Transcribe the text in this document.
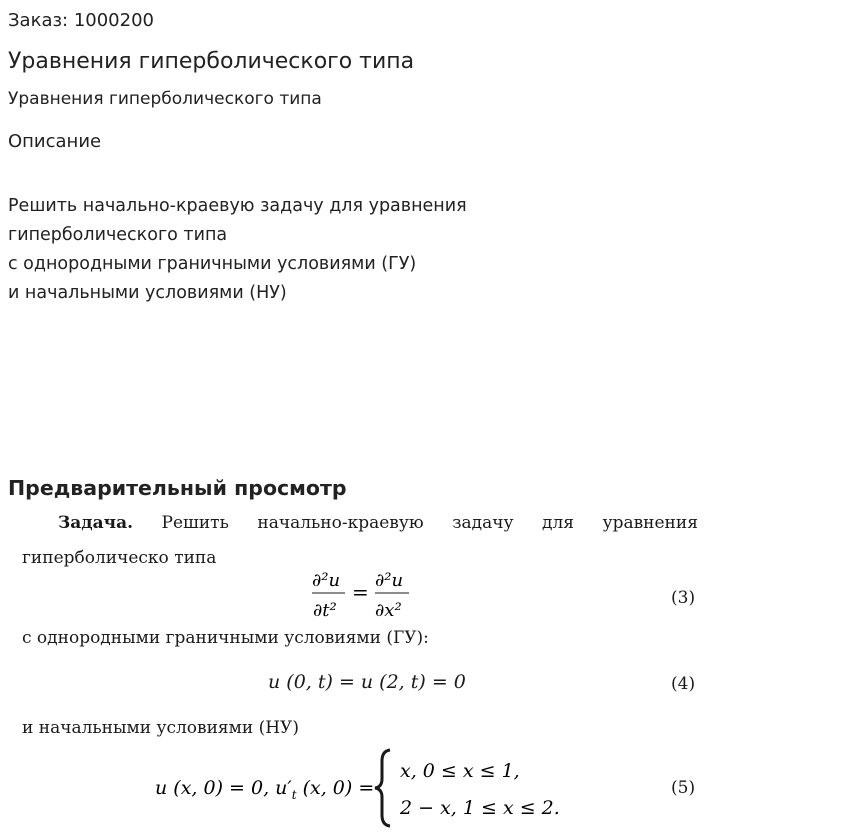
Заказ: 1000200
Уравнения гиперболического типа
Уравнения гиперболического типа
Описание
Решить начально-краевую задачу для уравнения
гиперболического типа
с однородными граничными условиями (ГУ)
и начальными условиями (НУ)
Предварительный просмотр
Задача. Решить начально-краевую задачу для уравнения
гиперболическо типа
∂²u
∂t²
= ∂²u
∂x²
(3)
с однородными граничными условиями (ГУ):
u (0, t) = u (2, t) = 0	(4)
и начальными условиями (НУ)
u (x, 0) = 0, $u'_t$ (x, 0) =
x, 0 ≤ x ≤ 1,
2 − x, 1 ≤ x ≤ 2.
(5)
